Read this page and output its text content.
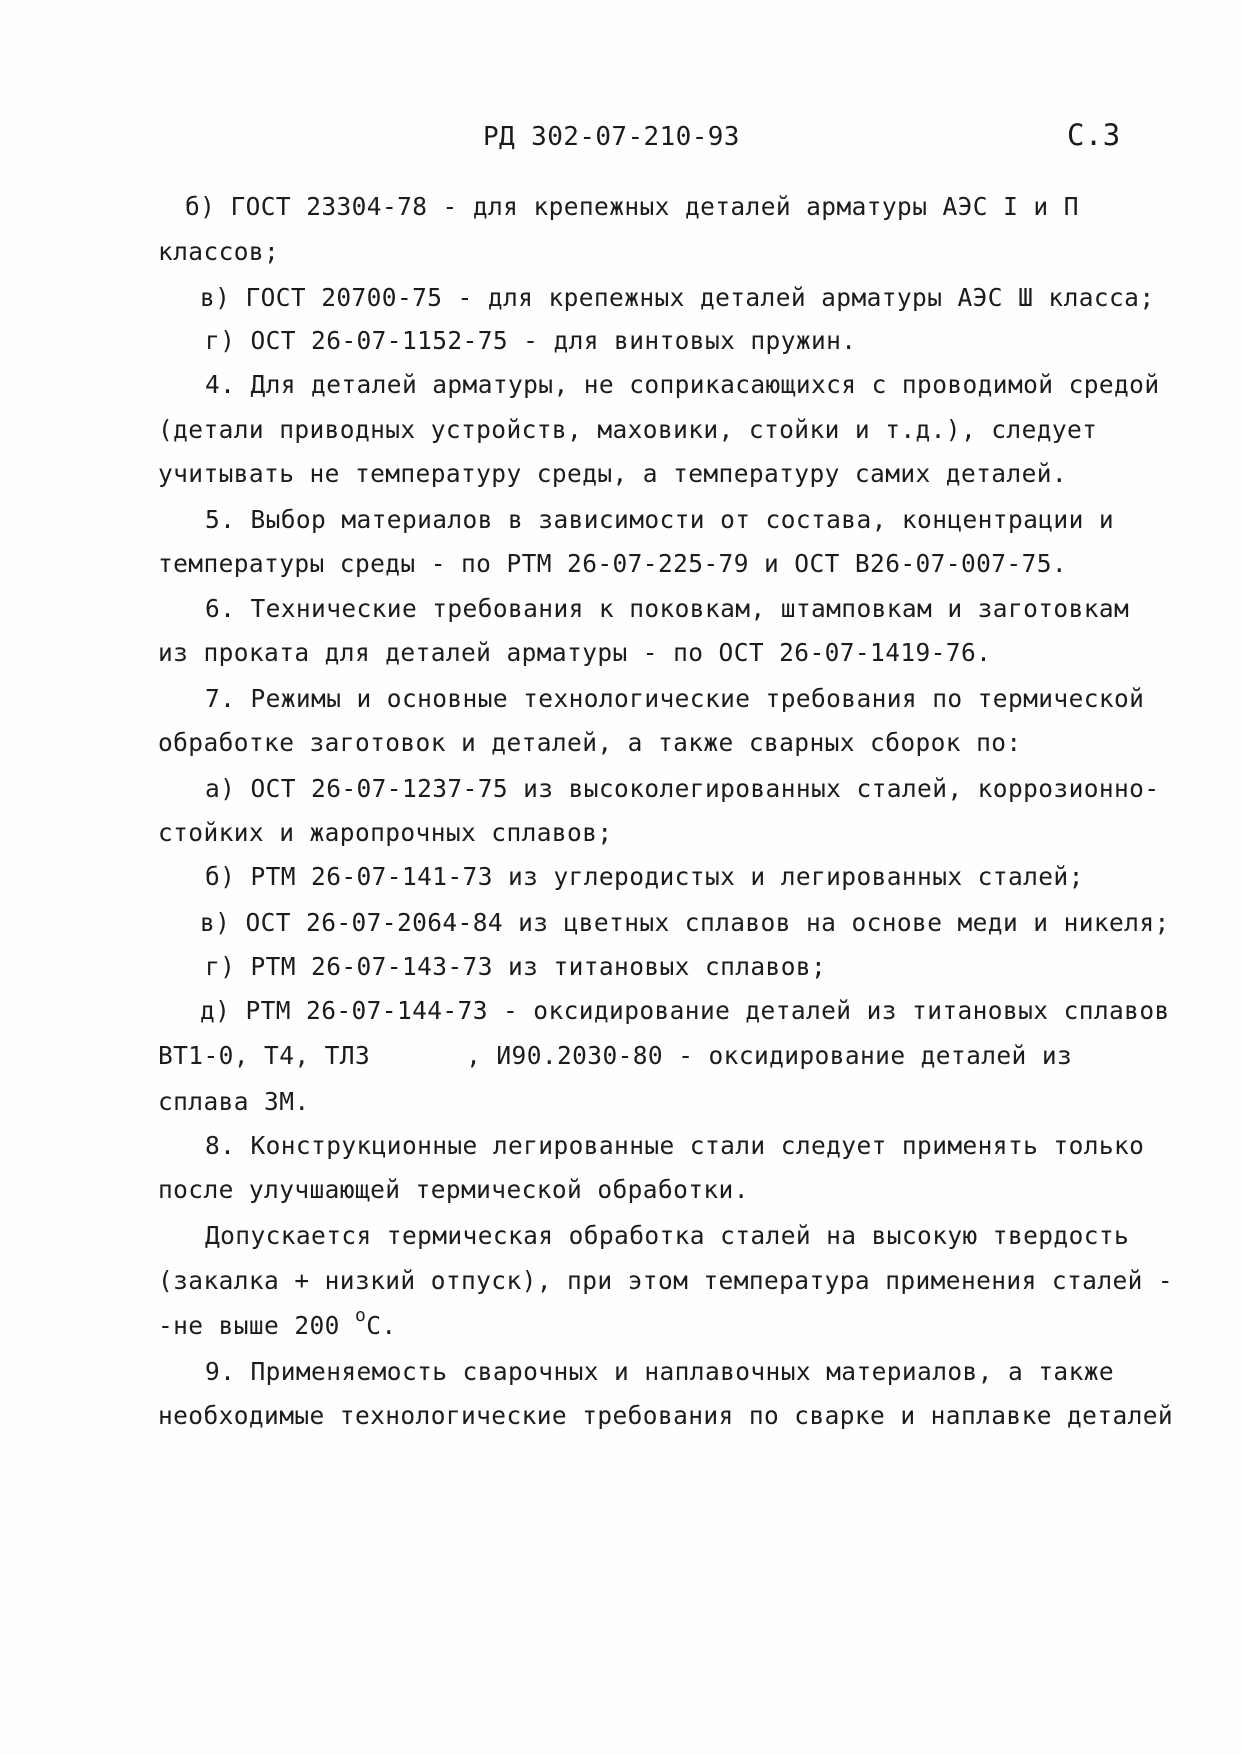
РД 302-07-210-93	С.3
б) ГОСТ 23304-78 - для крепежных деталей арматуры АЭС I и П
классов;
в) ГОСТ 20700-75 - для крепежных деталей арматуры АЭС Ш класса;
г) ОСТ 26-07-1152-75 - для винтовых пружин.
4. Для деталей арматуры, не соприкасающихся с проводимой средой
(детали приводных устройств, маховики, стойки и т.д.), следует
учитывать не температуру среды, а температуру самих деталей.
5. Выбор материалов в зависимости от состава, концентрации и
температуры среды - по РТМ 26-07-225-79 и ОСТ В26-07-007-75.
6. Технические требования к поковкам, штамповкам и заготовкам
из проката для деталей арматуры - по ОСТ 26-07-1419-76.
7. Режимы и основные технологические требования по термической
обработке заготовок и деталей, а также сварных сборок по:
а) ОСТ 26-07-1237-75 из высоколегированных сталей, коррозионно-
стойких и жаропрочных сплавов;
б) РТМ 26-07-141-73 из углеродистых и легированных сталей;
в) ОСТ 26-07-2064-84 из цветных сплавов на основе меди и никеля;
г) РТМ 26-07-143-73 из титановых сплавов;
д) РТМ 26-07-144-73 - оксидирование деталей из титановых сплавов
ВТ1-0, Т4, ТЛ3	, И90.2030-80 - оксидирование деталей из
сплава 3М.
8. Конструкционные легированные стали следует применять только
после улучшающей термической обработки.
Допускается термическая обработка сталей на высокую твердость
(закалка + низкий отпуск), при этом температура применения сталей -
-не выше 200 $^о$С.
9. Применяемость сварочных и наплавочных материалов, а также
необходимые технологические требования по сварке и наплавке деталей
